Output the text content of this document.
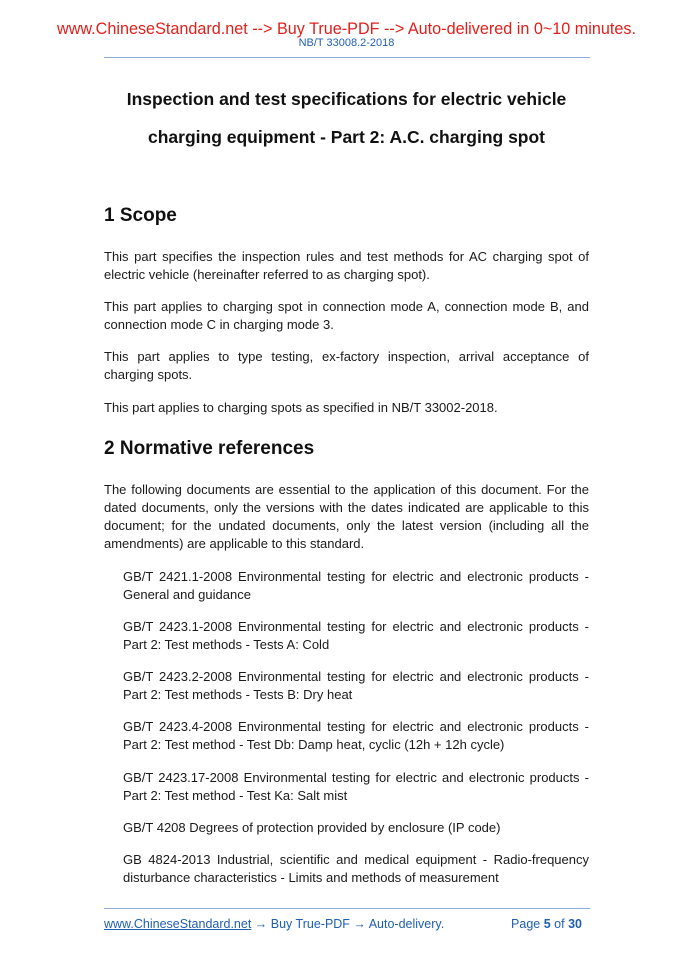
www.ChineseStandard.net --> Buy True-PDF --> Auto-delivered in 0~10 minutes.
NB/T 33008.2-2018
Inspection and test specifications for electric vehicle
charging equipment - Part 2: A.C. charging spot
1 Scope
This part specifies the inspection rules and test methods for AC charging spot of electric vehicle (hereinafter referred to as charging spot).
This part applies to charging spot in connection mode A, connection mode B, and connection mode C in charging mode 3.
This part applies to type testing, ex-factory inspection, arrival acceptance of charging spots.
This part applies to charging spots as specified in NB/T 33002-2018.
2 Normative references
The following documents are essential to the application of this document. For the dated documents, only the versions with the dates indicated are applicable to this document; for the undated documents, only the latest version (including all the amendments) are applicable to this standard.
GB/T 2421.1-2008 Environmental testing for electric and electronic products - General and guidance
GB/T 2423.1-2008 Environmental testing for electric and electronic products - Part 2: Test methods - Tests A: Cold
GB/T 2423.2-2008 Environmental testing for electric and electronic products - Part 2: Test methods - Tests B: Dry heat
GB/T 2423.4-2008 Environmental testing for electric and electronic products - Part 2: Test method - Test Db: Damp heat, cyclic (12h + 12h cycle)
GB/T 2423.17-2008 Environmental testing for electric and electronic products - Part 2: Test method - Test Ka: Salt mist
GB/T 4208 Degrees of protection provided by enclosure (IP code)
GB 4824-2013 Industrial, scientific and medical equipment - Radio-frequency disturbance characteristics - Limits and methods of measurement
www.ChineseStandard.net → Buy True-PDF → Auto-delivery.	Page 5 of 30
